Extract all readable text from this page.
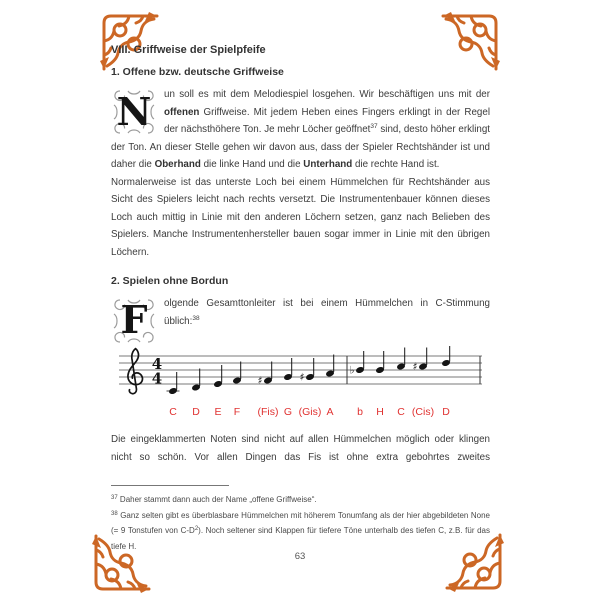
VIII. Griffweise der Spielpfeife
1. Offene bzw. deutsche Griffweise

N	un soll es mit dem Melodiespiel losgehen. Wir beschäftigen uns mit der offenen Griffweise. Mit jedem Heben eines Fingers erklingt in der Regel der nächsthöhere Ton. Je mehr Löcher geöffnet$^{37}$ sind, desto höher erklingt der Ton. An dieser Stelle gehen wir davon aus, dass der Spieler Rechtshänder ist und daher die Oberhand die linke Hand und die Unterhand die rechte Hand ist.

Normalerweise ist das unterste Loch bei einem Hümmelchen für Rechtshänder aus Sicht des Spielers leicht nach rechts versetzt. Die Instrumentenbauer können dieses Loch auch mittig in Linie mit den anderen Löchern setzen, ganz nach Belieben des Spielers. Manche Instrumentenhersteller bauen sogar immer in Linie mit den übrigen Löchern.

2. Spielen ohne Bordun

F	olgende Gesamttonleiter ist bei einem Hümmelchen in C-Stimmung üblich:$^{38}$

4
4
C D E F
♯
(Fis) G
♯
(Gis) A
♭
b H C
♯
(Cis) D

Die eingeklammerten Noten sind nicht auf allen Hümmelchen möglich oder klingen nicht so schön. Vor allen Dingen das Fis ist ohne extra gebohrtes zweites

$^{37}$ Daher stammt dann auch der Name „offene Griffweise“.

$^{38}$ Ganz selten gibt es überblasbare Hümmelchen mit höherem Tonumfang als der hier abgebildeten None (= 9 Tonstufen von $C-D^2$). Noch seltener sind Klappen für tiefere Töne unterhalb des tiefen C, z.B. für das tiefe H.

63
